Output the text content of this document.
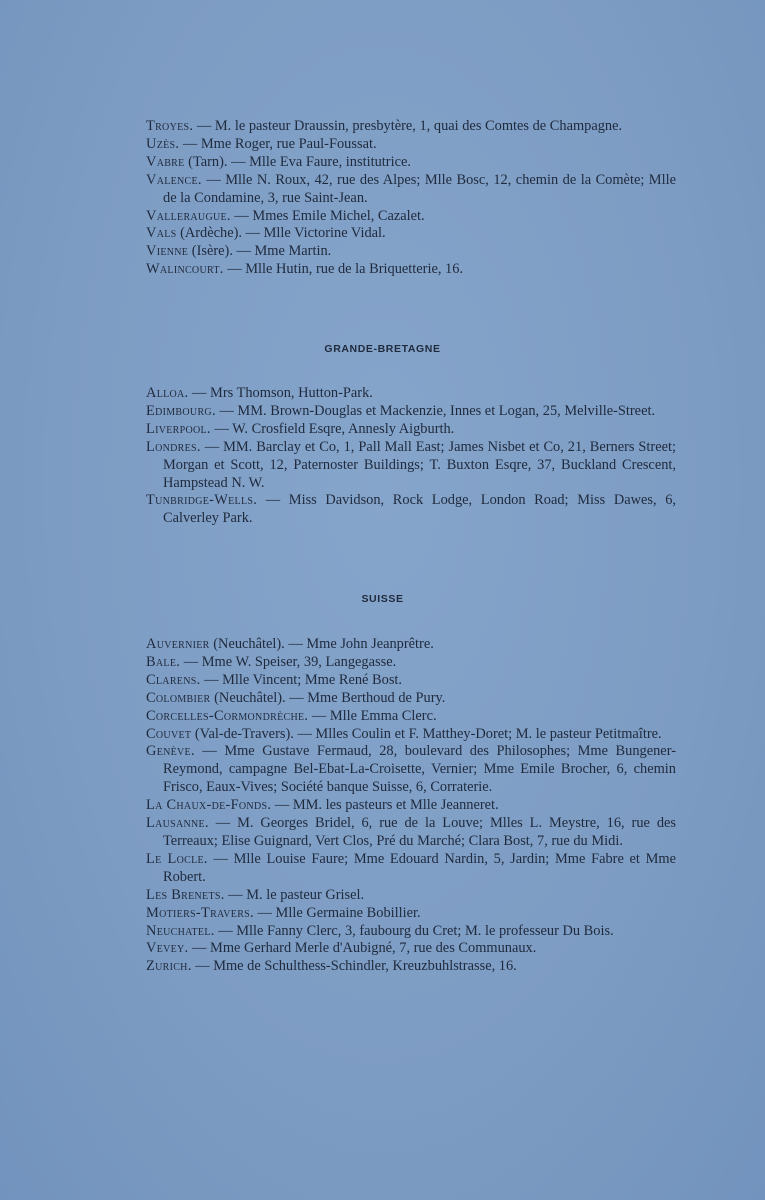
Troyes. — M. le pasteur Draussin, presbytère, 1, quai des Comtes de Champagne.

Uzès. — Mme Roger, rue Paul-Foussat.

Vabre (Tarn). — Mlle Eva Faure, institutrice.

Valence. — Mlle N. Roux, 42, rue des Alpes; Mlle Bosc, 12, chemin de la Comète; Mlle de la Condamine, 3, rue Saint-Jean.

Valleraugue. — Mmes Emile Michel, Cazalet.

Vals (Ardèche). — Mlle Victorine Vidal.

Vienne (Isère). — Mme Martin.

Walincourt. — Mlle Hutin, rue de la Briquetterie, 16.

GRANDE-BRETAGNE

Alloa. — Mrs Thomson, Hutton-Park.

Edimbourg. — MM. Brown-Douglas et Mackenzie, Innes et Logan, 25, Melville-Street.

Liverpool. — W. Crosfield Esqre, Annesly Aigburth.

Londres. — MM. Barclay et Co, 1, Pall Mall East; James Nisbet et Co, 21, Berners Street; Morgan et Scott, 12, Paternoster Buildings; T. Buxton Esqre, 37, Buckland Crescent, Hampstead N. W.

Tunbridge-Wells. — Miss Davidson, Rock Lodge, London Road; Miss Dawes, 6, Calverley Park.

SUISSE

Auvernier (Neuchâtel). — Mme John Jeanprêtre.

Bale. — Mme W. Speiser, 39, Langegasse.

Clarens. — Mlle Vincent; Mme René Bost.

Colombier (Neuchâtel). — Mme Berthoud de Pury.

Corcelles-Cormondrèche. — Mlle Emma Clerc.

Couvet (Val-de-Travers). — Mlles Coulin et F. Matthey-Doret; M. le pasteur Petitmaître.

Genève. — Mme Gustave Fermaud, 28, boulevard des Philosophes; Mme Bungener-Reymond, campagne Bel-Ebat-La-Croisette, Vernier; Mme Emile Brocher, 6, chemin Frisco, Eaux-Vives; Société banque Suisse, 6, Corraterie.

La Chaux-de-Fonds. — MM. les pasteurs et Mlle Jeanneret.

Lausanne. — M. Georges Bridel, 6, rue de la Louve; Mlles L. Meystre, 16, rue des Terreaux; Elise Guignard, Vert Clos, Pré du Marché; Clara Bost, 7, rue du Midi.

Le Locle. — Mlle Louise Faure; Mme Edouard Nardin, 5, Jardin; Mme Fabre et Mme Robert.

Les Brenets. — M. le pasteur Grisel.

Motiers-Travers. — Mlle Germaine Bobillier.

Neuchatel. — Mlle Fanny Clerc, 3, faubourg du Cret; M. le professeur Du Bois.

Vevey. — Mme Gerhard Merle d'Aubigné, 7, rue des Communaux.

Zurich. — Mme de Schulthess-Schindler, Kreuzbuhlstrasse, 16.
